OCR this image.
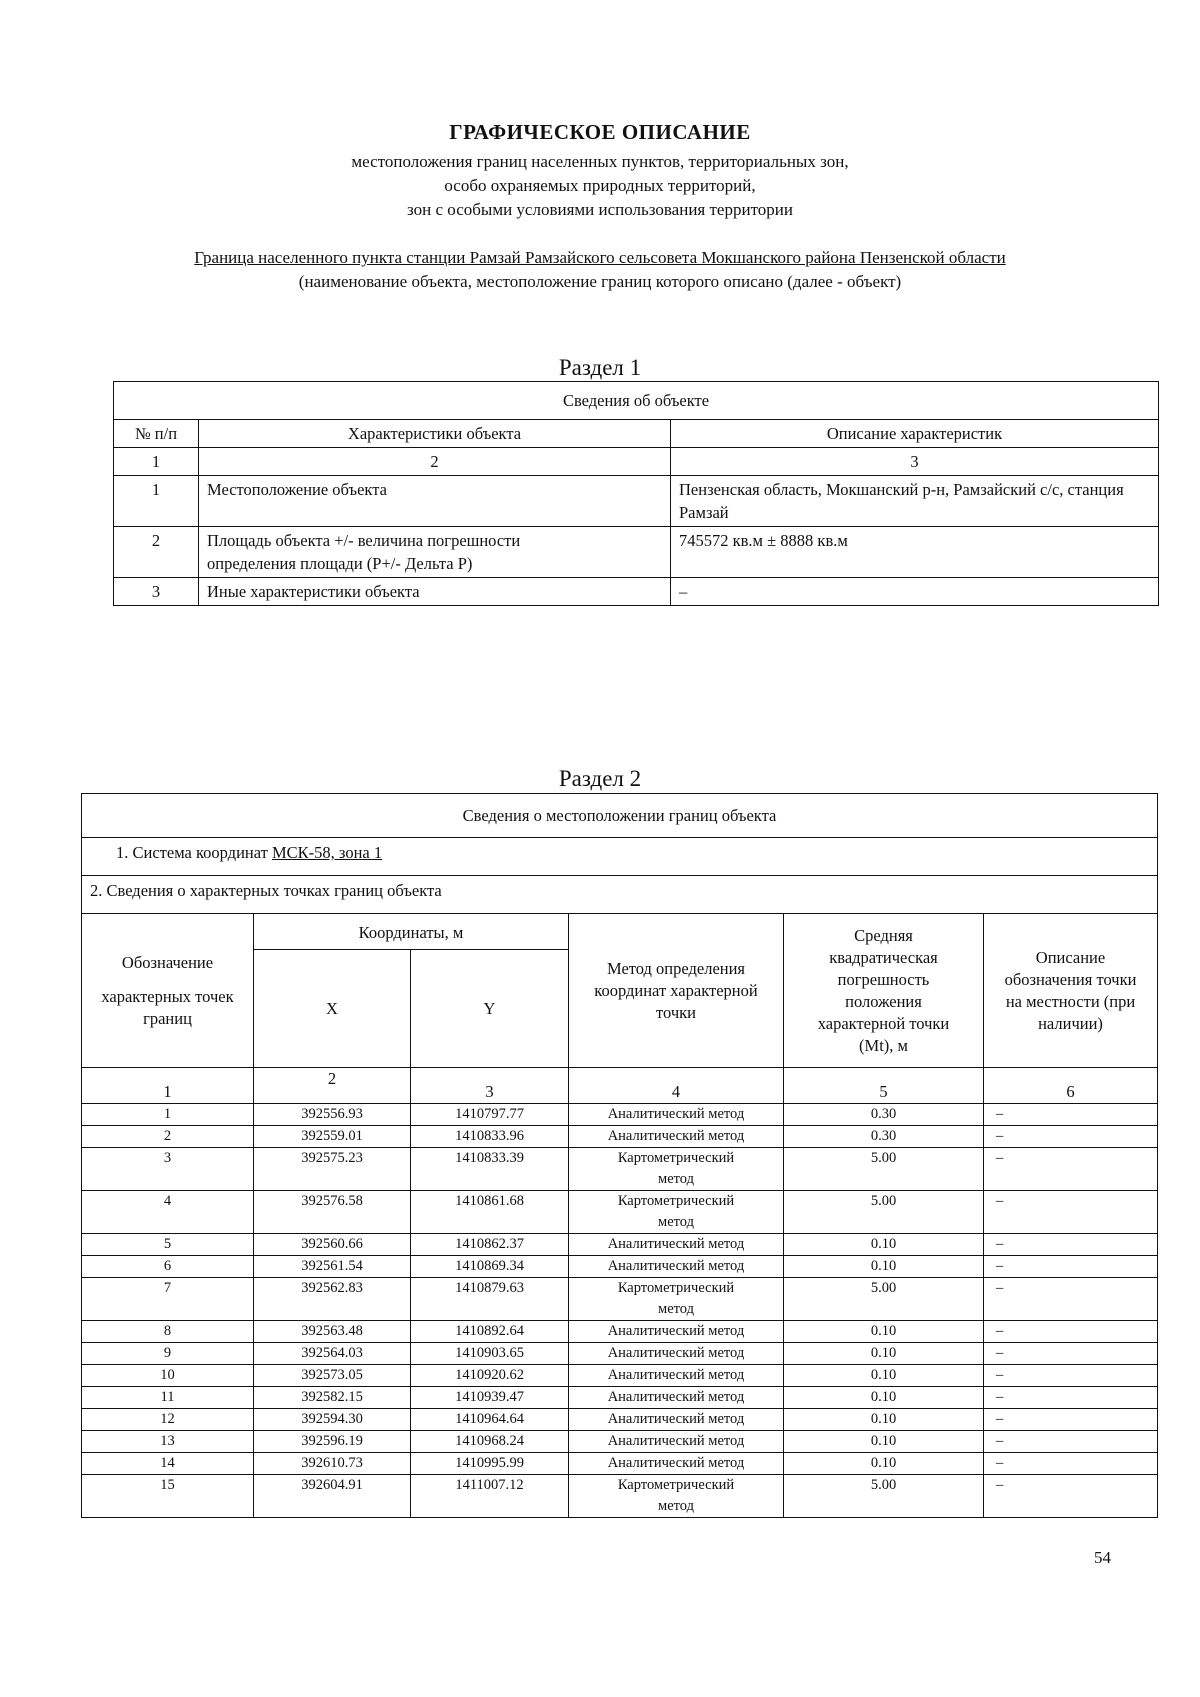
ГРАФИЧЕСКОЕ ОПИСАНИЕ
местоположения границ населенных пунктов, территориальных зон,
особо охраняемых природных территорий,
зон с особыми условиями использования территории
Граница населенного пункта станции Рамзай Рамзайского сельсовета Мокшанского района Пензенской области
(наименование объекта, местоположение границ которого описано (далее - объект)
Раздел 1
Сведения об объекте		
№ п/п	Характеристики объекта	Описание характеристик
1	2	3
1	Местоположение объекта	Пензенская область, Мокшанский р-н, Рамзайский с/с, станция Рамзай
2	Площадь объекта +/- величина погрешности определения площади (P+/- Дельта P)	745572 кв.м ± 8888 кв.м
3	Иные характеристики объекта	–
Раздел 2
Сведения о местоположении границ объекта					
1. Система координат МСК-58, зона 1					
2. Сведения о характерных точках границ объекта					

Обозначение
характерных точек границ	Координаты, м		Метод определения координат характерной точки	Средняя квадратическая погрешность положения характерной точки (Mt), м	Описание обозначения точки на местности (при наличии)
	X	Y			
1	2	3	4	5	6
1	392556.93	1410797.77	Аналитический метод	0.30	–
2	392559.01	1410833.96	Аналитический метод	0.30	–
3	392575.23	1410833.39	Картометрический метод	5.00	–
4	392576.58	1410861.68	Картометрический метод	5.00	–
5	392560.66	1410862.37	Аналитический метод	0.10	–
6	392561.54	1410869.34	Аналитический метод	0.10	–
7	392562.83	1410879.63	Картометрический метод	5.00	–
8	392563.48	1410892.64	Аналитический метод	0.10	–
9	392564.03	1410903.65	Аналитический метод	0.10	–
10	392573.05	1410920.62	Аналитический метод	0.10	–
11	392582.15	1410939.47	Аналитический метод	0.10	–
12	392594.30	1410964.64	Аналитический метод	0.10	–
13	392596.19	1410968.24	Аналитический метод	0.10	–
14	392610.73	1410995.99	Аналитический метод	0.10	–
15	392604.91	1411007.12	Картометрический метод	5.00	–
54
